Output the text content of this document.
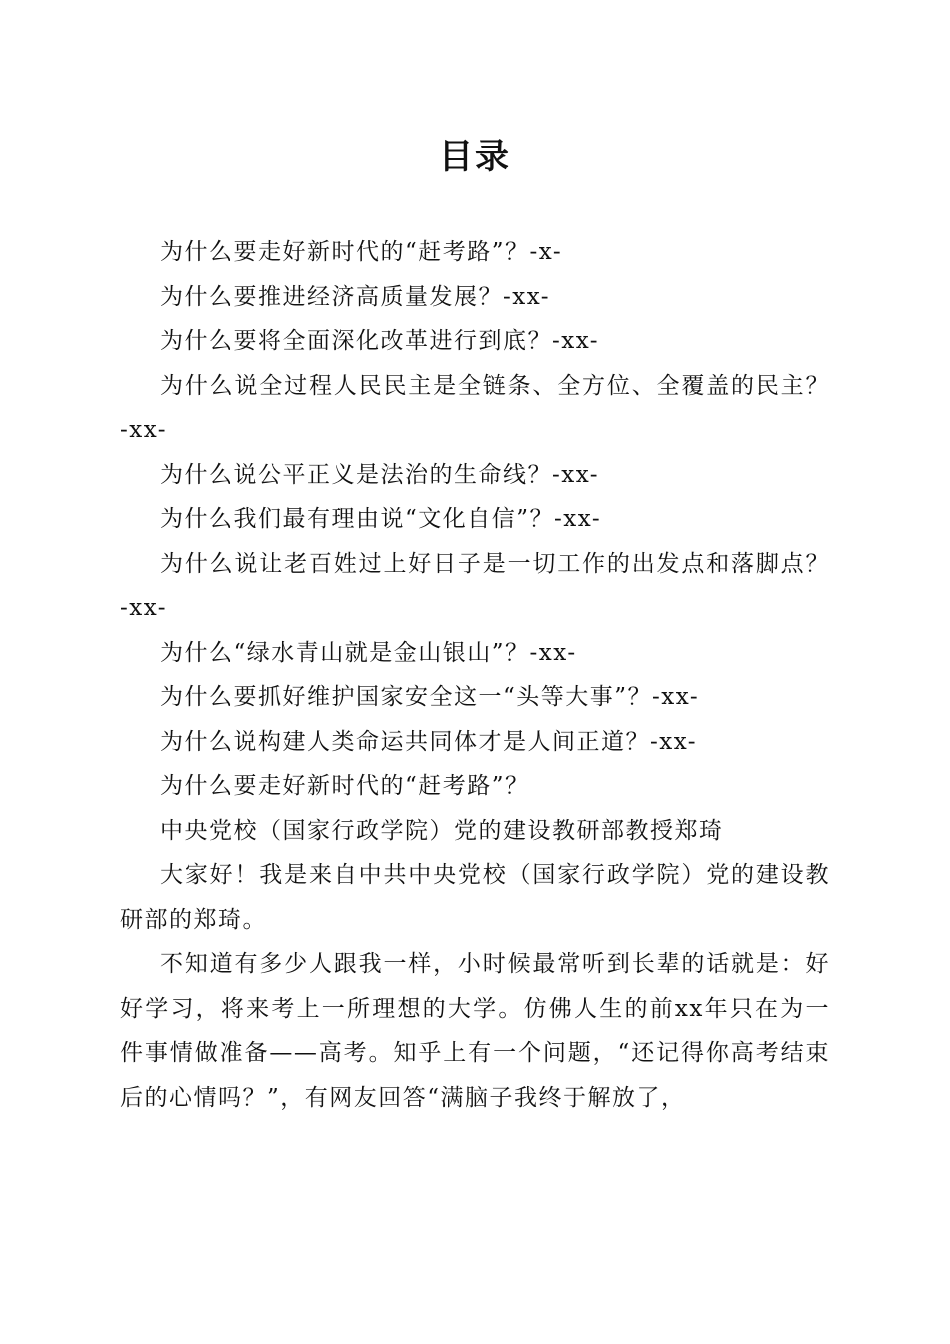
目录

为什么要走好新时代的“赶考路”？-x-

为什么要推进经济高质量发展？-xx-

为什么要将全面深化改革进行到底？-xx-

为什么说全过程人民民主是全链条、全方位、全覆盖的民主？-xx-

为什么说公平正义是法治的生命线？-xx-

为什么我们最有理由说“文化自信”？-xx-

为什么说让老百姓过上好日子是一切工作的出发点和落脚点？-xx-

为什么“绿水青山就是金山银山”？-xx-

为什么要抓好维护国家安全这一“头等大事”？-xx-

为什么说构建人类命运共同体才是人间正道？-xx-

为什么要走好新时代的“赶考路”？

中央党校（国家行政学院）党的建设教研部教授郑琦

大家好！我是来自中共中央党校（国家行政学院）党的建设教研部的郑琦。

不知道有多少人跟我一样，小时候最常听到长辈的话就是：好好学习，将来考上一所理想的大学。仿佛人生的前xx年只在为一件事情做准备——高考。知乎上有一个问题，“还记得你高考结束后的心情吗？”，有网友回答“满脑子我终于解放了，
